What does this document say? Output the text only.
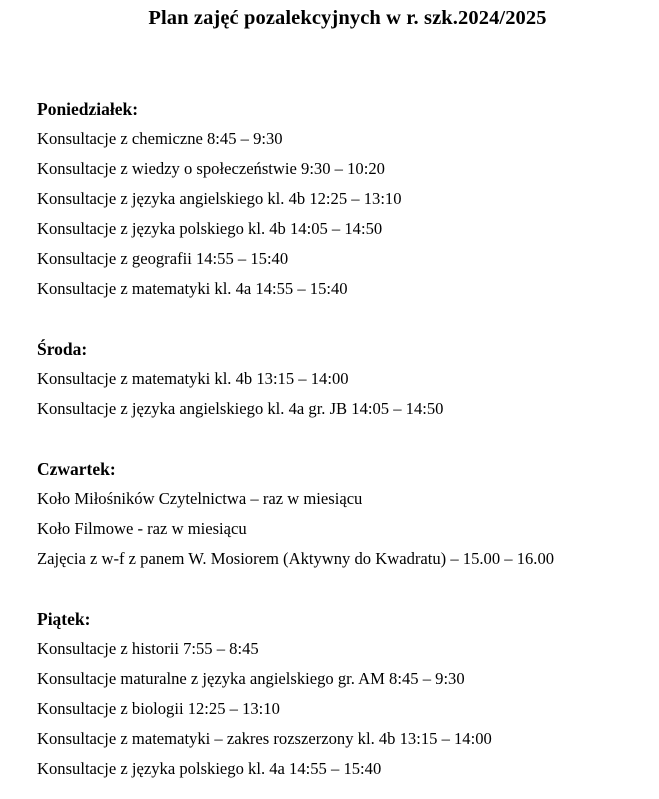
Plan zajęć pozalekcyjnych w r. szk.2024/2025
Poniedziałek:
Konsultacje z chemiczne 8:45 – 9:30
Konsultacje z wiedzy o społeczeństwie 9:30 – 10:20
Konsultacje z języka angielskiego kl. 4b 12:25 – 13:10
Konsultacje z języka polskiego kl. 4b 14:05 – 14:50
Konsultacje z geografii 14:55 – 15:40
Konsultacje z matematyki kl. 4a 14:55 – 15:40
Środa:
Konsultacje z matematyki kl. 4b 13:15 – 14:00
Konsultacje z języka angielskiego kl. 4a gr. JB 14:05 – 14:50
Czwartek:
Koło Miłośników Czytelnictwa – raz w miesiącu
Koło Filmowe - raz w miesiącu
Zajęcia z w-f z panem W. Mosiorem (Aktywny do Kwadratu) – 15.00 – 16.00
Piątek:
Konsultacje z historii 7:55 – 8:45
Konsultacje maturalne z języka angielskiego gr. AM 8:45 – 9:30
Konsultacje z biologii 12:25 – 13:10
Konsultacje z matematyki – zakres rozszerzony kl. 4b 13:15 – 14:00
Konsultacje z języka polskiego kl. 4a 14:55 – 15:40
